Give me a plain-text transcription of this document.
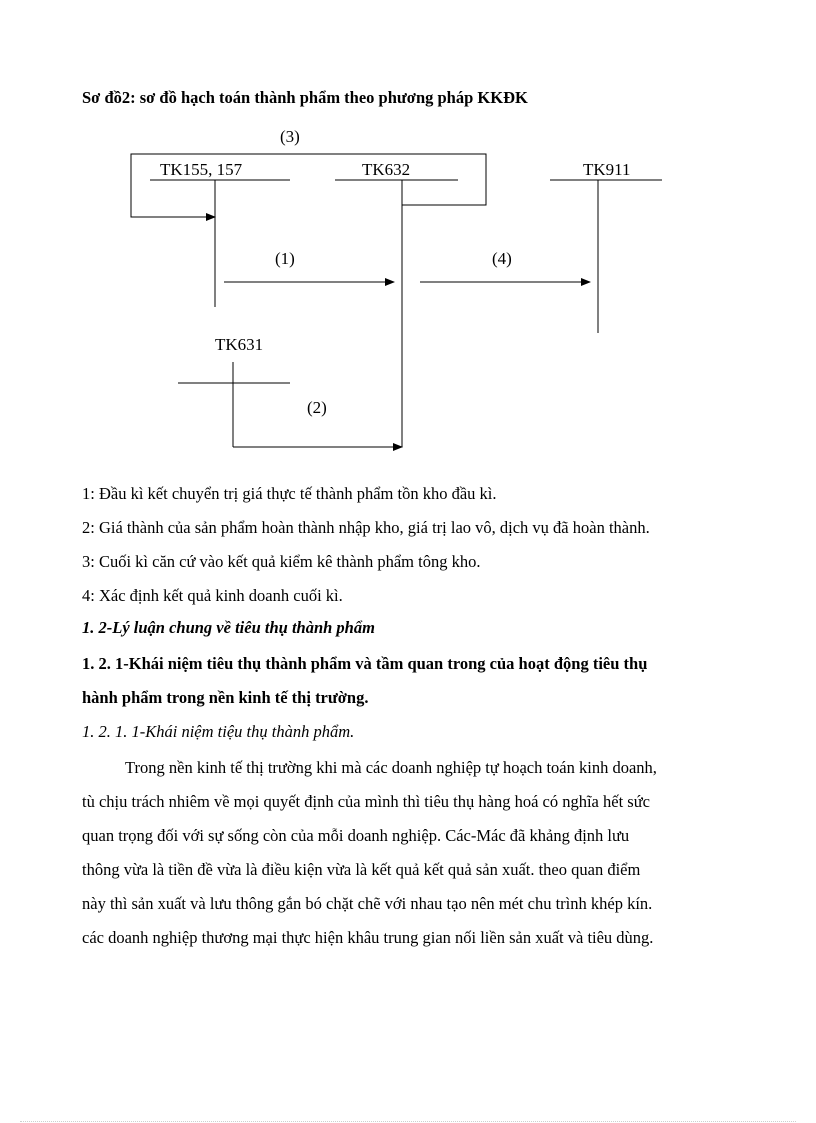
Sơ đồ2: sơ đồ hạch toán thành phẩm theo phương pháp KKĐK
TK155, 157	TK632	TK911
TK631
(3)
(1)	(4)
(2)
1: Đầu kì kết chuyển trị giá thực tế thành phẩm tồn kho đầu kì.
2: Giá thành của sản phẩm hoàn thành nhập kho, giá trị lao vô, dịch vụ đã hoàn thành.
3: Cuối kì căn cứ vào kết quả kiểm kê thành phẩm tông kho.
4: Xác định kết quả kinh doanh cuối kì.
1. 2-Lý luận chung về tiêu thụ thành phẩm
1. 2. 1-Khái niệm tiêu thụ thành phẩm và tầm quan trong của hoạt động tiêu thụ
hành phẩm trong nền kinh tế thị trường.
1. 2. 1. 1-Khái niệm tiệu thụ thành phẩm.
Trong nền kinh tế thị trường khi mà các doanh nghiệp tự hoạch toán kinh doanh,
tù chịu trách nhiêm về mọi quyết định của mình thì tiêu thụ hàng hoá có nghĩa hết sức
quan trọng đối với sự sống còn của mỗi doanh nghiệp. Các-Mác đã khảng định lưu
thông vừa là tiền đề vừa là điều kiện vừa là kết quả kết quả sản xuất. theo quan điểm
này thì sản xuất và lưu thông gắn bó chặt chẽ với nhau tạo nên mét chu trình khép kín.
các doanh nghiệp thương mại thực hiện khâu trung gian nối liền sản xuất và tiêu dùng.
